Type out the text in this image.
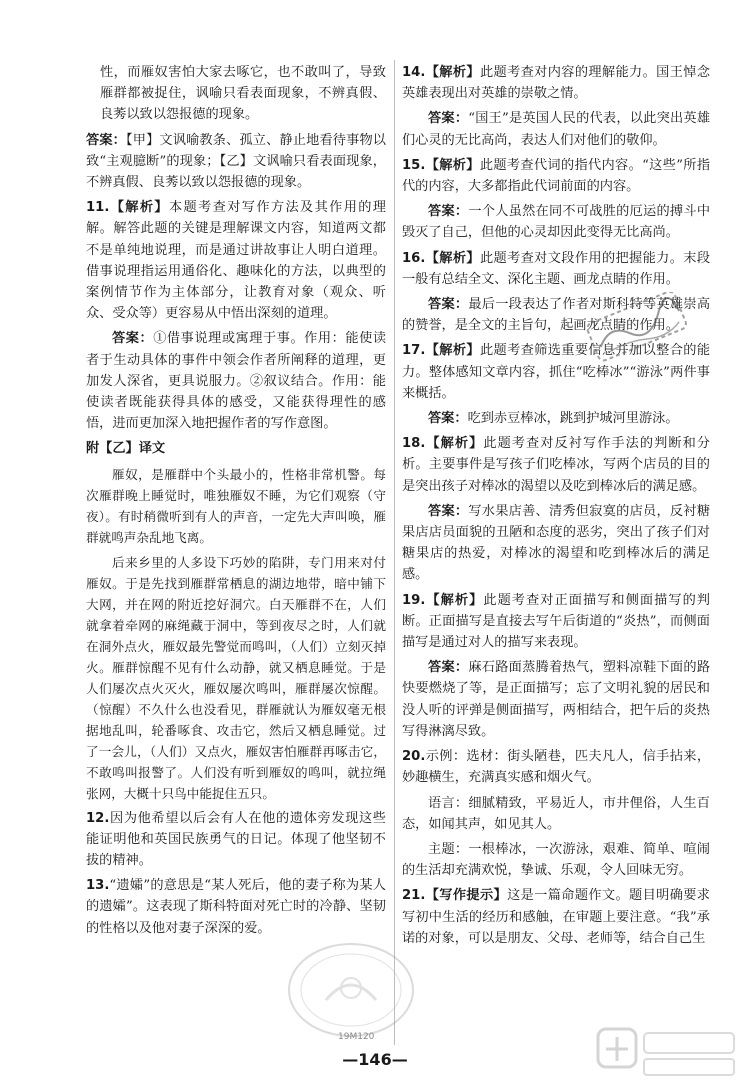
性，而雁奴害怕大家去啄它，也不敢叫了，导致雁群都被捉住，讽喻只看表面现象，不辨真假、良莠以致以怨报德的现象。

答案：【甲】文讽喻教条、孤立、静止地看待事物以致“主观臆断”的现象；【乙】文讽喻只看表面现象，不辨真假、良莠以致以怨报德的现象。

11.【解析】本题考查对写作方法及其作用的理解。解答此题的关键是理解课文内容，知道两文都不是单纯地说理，而是通过讲故事让人明白道理。借事说理指运用通俗化、趣味化的方法，以典型的案例情节作为主体部分，让教育对象（观众、听众、受众等）更容易从中悟出深刻的道理。

答案：①借事说理或寓理于事。作用：能使读者于生动具体的事件中领会作者所阐释的道理，更加发人深省，更具说服力。②叙议结合。作用：能使读者既能获得具体的感受，又能获得理性的感悟，进而更加深入地把握作者的写作意图。

附【乙】译文

雁奴，是雁群中个头最小的，性格非常机警。每次雁群晚上睡觉时，唯独雁奴不睡，为它们观察（守夜）。有时稍微听到有人的声音，一定先大声叫唤，雁群就鸣声杂乱地飞离。

后来乡里的人多设下巧妙的陷阱，专门用来对付雁奴。于是先找到雁群常栖息的湖边地带，暗中铺下大网，并在网的附近挖好洞穴。白天雁群不在，人们就拿着牵网的麻绳藏于洞中，等到夜尽之时，人们就在洞外点火，雁奴最先警觉而鸣叫，（人们）立刻灭掉火。雁群惊醒不见有什么动静，就又栖息睡觉。于是人们屡次点火灭火，雁奴屡次鸣叫，雁群屡次惊醒。（惊醒）不久什么也没看见，群雁就认为雁奴毫无根据地乱叫，轮番啄食、攻击它，然后又栖息睡觉。过了一会儿，（人们）又点火，雁奴害怕雁群再啄击它，不敢鸣叫报警了。人们没有听到雁奴的鸣叫，就拉绳张网，大概十只鸟中能捉住五只。

12.因为他希望以后会有人在他的遗体旁发现这些能证明他和英国民族勇气的日记。体现了他坚韧不拔的精神。

13.“遗孀”的意思是“某人死后，他的妻子称为某人的遗孀”。这表现了斯科特面对死亡时的冷静、坚韧的性格以及他对妻子深深的爱。

14.【解析】此题考查对内容的理解能力。国王悼念英雄表现出对英雄的崇敬之情。

答案：“国王”是英国人民的代表，以此突出英雄们心灵的无比高尚，表达人们对他们的敬仰。

15.【解析】此题考查代词的指代内容。“这些”所指代的内容，大多都指此代词前面的内容。

答案：一个人虽然在同不可战胜的厄运的搏斗中毁灭了自己，但他的心灵却因此变得无比高尚。

16.【解析】此题考查对文段作用的把握能力。末段一般有总结全文、深化主题、画龙点睛的作用。

答案：最后一段表达了作者对斯科特等英雄崇高的赞誉，是全文的主旨句，起画龙点睛的作用。

17.【解析】此题考查筛选重要信息并加以整合的能力。整体感知文章内容，抓住“吃棒冰”“游泳”两件事来概括。

答案：吃到赤豆棒冰，跳到护城河里游泳。

18.【解析】此题考查对反衬写作手法的判断和分析。主要事件是写孩子们吃棒冰，写两个店员的目的是突出孩子对棒冰的渴望以及吃到棒冰后的满足感。

答案：写水果店善、清秀但寂寞的店员，反衬糖果店店员面貌的丑陋和态度的恶劣，突出了孩子们对糖果店的热爱，对棒冰的渴望和吃到棒冰后的满足感。

19.【解析】此题考查对正面描写和侧面描写的判断。正面描写是直接去写午后街道的“炎热”，而侧面描写是通过对人的描写来表现。

答案：麻石路面蒸腾着热气，塑料凉鞋下面的路快要燃烧了等，是正面描写；忘了文明礼貌的居民和没人听的评弹是侧面描写，两相结合，把午后的炎热写得淋漓尽致。

20.示例：选材：街头陋巷，匹夫凡人，信手拈来，妙趣横生，充满真实感和烟火气。

语言：细腻精致，平易近人，市井俚俗，人生百态，如闻其声，如见其人。

主题：一根棒冰，一次游泳，艰难、简单、喧闹的生活却充满欢悦，挚诚、乐观，令人回味无穷。

21.【写作提示】这是一篇命题作文。题目明确要求写初中生活的经历和感触，在审题上要注意。“我”承诺的对象，可以是朋友、父母、老师等，结合自己生

19M120
—146—
